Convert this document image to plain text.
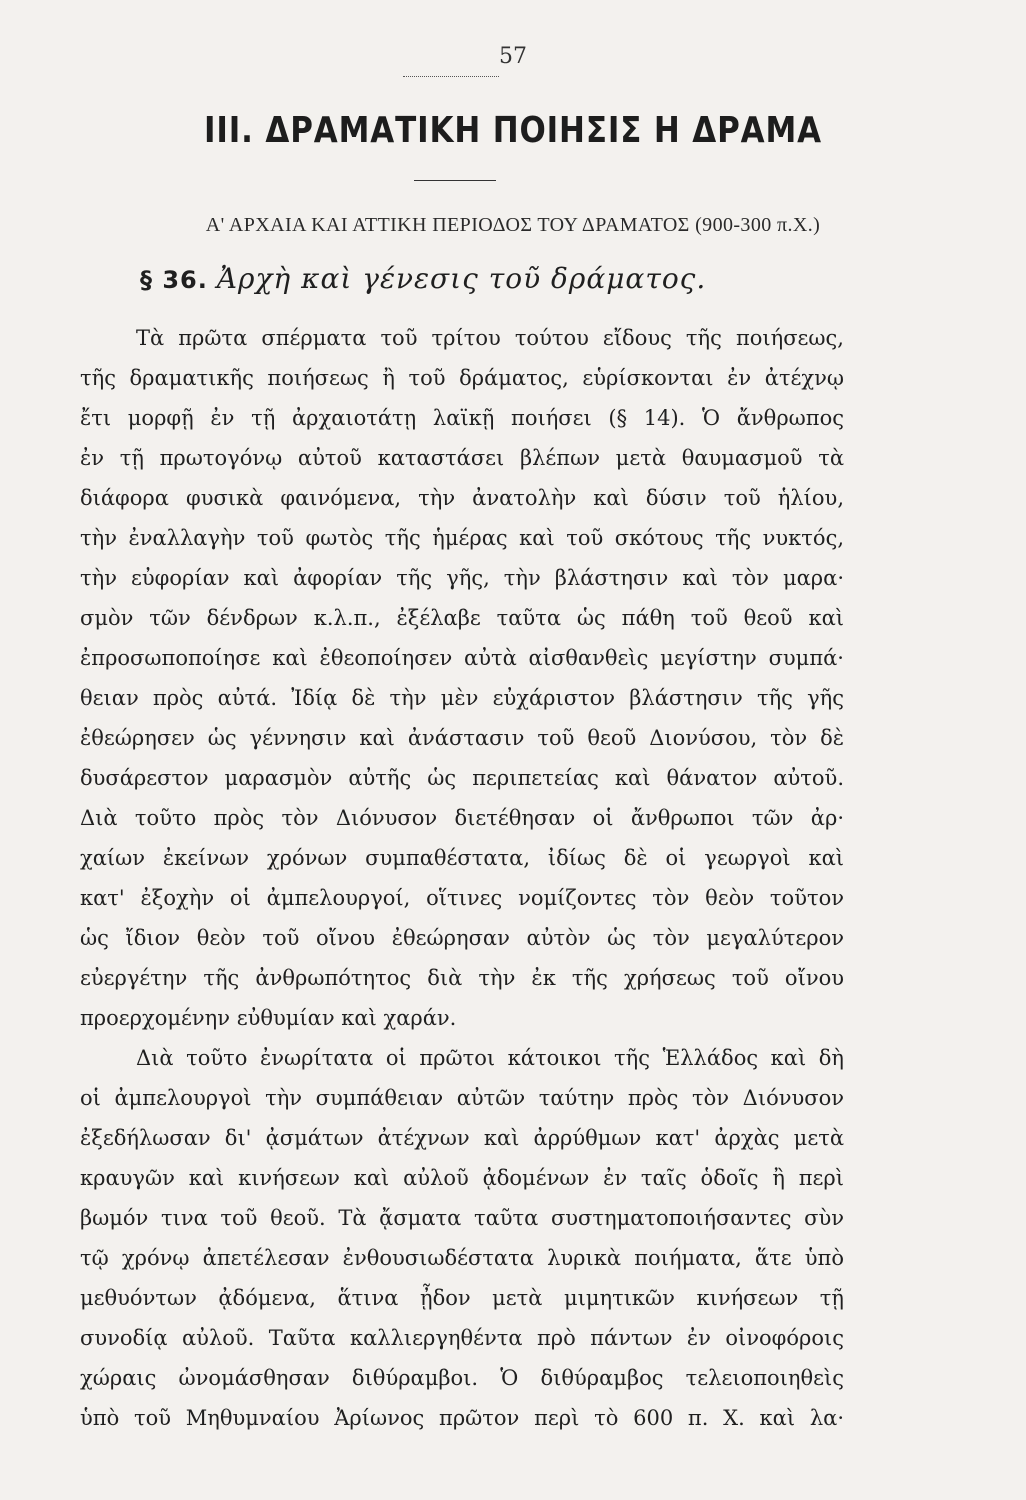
57
ΙΙΙ. ΔΡΑΜΑΤΙΚΗ ΠΟΙΗΣΙΣ Η ΔΡΑΜΑ
Α' ΑΡΧΑΙΑ ΚΑΙ ΑΤΤΙΚΗ ΠΕΡΙΟΔΟΣ ΤΟΥ ΔΡΑΜΑΤΟΣ (900-300 π.Χ.)
§ 36. Ἀρχὴ καὶ γένεσις τοῦ δράματος.
Τὰ πρῶτα σπέρματα τοῦ τρίτου τούτου εἴδους τῆς ποιήσεως,
τῆς δραματικῆς ποιήσεως ἢ τοῦ δράματος, εὑρίσκονται ἐν ἀτέχνῳ
ἔτι μορφῇ ἐν τῇ ἀρχαιοτάτῃ λαϊκῇ ποιήσει (§ 14). Ὁ ἄνθρωπος
ἐν τῇ πρωτογόνῳ αὐτοῦ καταστάσει βλέπων μετὰ θαυμασμοῦ τὰ
διάφορα φυσικὰ φαινόμενα, τὴν ἀνατολὴν καὶ δύσιν τοῦ ἡλίου,
τὴν ἐναλλαγὴν τοῦ φωτὸς τῆς ἡμέρας καὶ τοῦ σκότους τῆς νυκτός,
τὴν εὐφορίαν καὶ ἀφορίαν τῆς γῆς, τὴν βλάστησιν καὶ τὸν μαρα·
σμὸν τῶν δένδρων κ.λ.π., ἐξέλαβε ταῦτα ὡς πάθη τοῦ θεοῦ καὶ
ἐπροσωποποίησε καὶ ἐθεοποίησεν αὐτὰ αἰσθανθεὶς μεγίστην συμπά·
θειαν πρὸς αὐτά. Ἰδίᾳ δὲ τὴν μὲν εὐχάριστον βλάστησιν τῆς γῆς
ἐθεώρησεν ὡς γέννησιν καὶ ἀνάστασιν τοῦ θεοῦ Διονύσου, τὸν δὲ
δυσάρεστον μαρασμὸν αὐτῆς ὡς περιπετείας καὶ θάνατον αὐτοῦ.
Διὰ τοῦτο πρὸς τὸν Διόνυσον διετέθησαν οἱ ἄνθρωποι τῶν ἀρ·
χαίων ἐκείνων χρόνων συμπαθέστατα, ἰδίως δὲ οἱ γεωργοὶ καὶ
κατ' ἐξοχὴν οἱ ἀμπελουργοί, οἵτινες νομίζοντες τὸν θεὸν τοῦτον
ὡς ἴδιον θεὸν τοῦ οἴνου ἐθεώρησαν αὐτὸν ὡς τὸν μεγαλύτερον
εὐεργέτην τῆς ἀνθρωπότητος διὰ τὴν ἐκ τῆς χρήσεως τοῦ οἴνου
προερχομένην εὐθυμίαν καὶ χαράν.
Διὰ τοῦτο ἐνωρίτατα οἱ πρῶτοι κάτοικοι τῆς Ἑλλάδος καὶ δὴ
οἱ ἀμπελουργοὶ τὴν συμπάθειαν αὐτῶν ταύτην πρὸς τὸν Διόνυσον
ἐξεδήλωσαν δι' ᾀσμάτων ἀτέχνων καὶ ἀρρύθμων κατ' ἀρχὰς μετὰ
κραυγῶν καὶ κινήσεων καὶ αὐλοῦ ᾀδομένων ἐν ταῖς ὁδοῖς ἢ περὶ
βωμόν τινα τοῦ θεοῦ. Τὰ ᾄσματα ταῦτα συστηματοποιήσαντες σὺν
τῷ χρόνῳ ἀπετέλεσαν ἐνθουσιωδέστατα λυρικὰ ποιήματα, ἅτε ὑπὸ
μεθυόντων ᾀδόμενα, ἅτινα ᾖδον μετὰ μιμητικῶν κινήσεων τῇ
συνοδίᾳ αὐλοῦ. Ταῦτα καλλιεργηθέντα πρὸ πάντων ἐν οἰνοφόροις
χώραις ὠνομάσθησαν διθύραμβοι. Ὁ διθύραμβος τελειοποιηθεὶς
ὑπὸ τοῦ Μηθυμναίου Ἀρίωνος πρῶτον περὶ τὸ 600 π. Χ. καὶ λα·
